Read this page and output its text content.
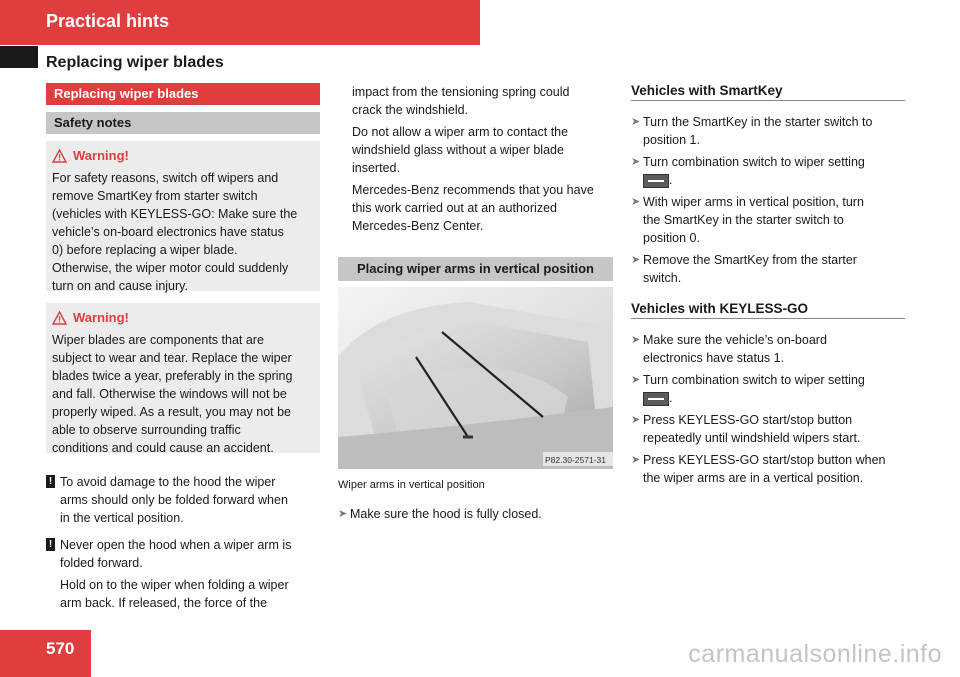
Practical hints
Replacing wiper blades
Replacing wiper blades
Safety notes
Warning!

For safety reasons, switch off wipers and

remove SmartKey from starter switch

(vehicles with KEYLESS-GO: Make sure the

vehicle’s on-board electronics have status

0) before replacing a wiper blade.

Otherwise, the wiper motor could suddenly

turn on and cause injury.

Warning!

Wiper blades are components that are

subject to wear and tear. Replace the wiper

blades twice a year, preferably in the spring

and fall. Otherwise the windows will not be

properly wiped. As a result, you may not be

able to observe surrounding traffic

conditions and could cause an accident.

! To avoid damage to the hood the wiper

arms should only be folded forward when

in the vertical position.

! Never open the hood when a wiper arm is

folded forward.

Hold on to the wiper when folding a wiper

arm back. If released, the force of the

impact from the tensioning spring could

crack the windshield.

Do not allow a wiper arm to contact the

windshield glass without a wiper blade

inserted.

Mercedes-Benz recommends that you have

this work carried out at an authorized

Mercedes-Benz Center.

Placing wiper arms in vertical position
P82.30-2571-31
Wiper arms in vertical position
➤ Make sure the hood is fully closed.
Vehicles with SmartKey
➤ Turn the SmartKey in the starter switch to

position 1.

➤ Turn combination switch to wiper setting

.

➤ With wiper arms in vertical position, turn

the SmartKey in the starter switch to

position 0.

➤ Remove the SmartKey from the starter

switch.

Vehicles with KEYLESS-GO
➤ Make sure the vehicle’s on-board

electronics have status 1.

➤ Turn combination switch to wiper setting

.

➤ Press KEYLESS-GO start/stop button

repeatedly until windshield wipers start.

➤ Press KEYLESS-GO start/stop button when

the wiper arms are in a vertical position.

570	carmanualsonline.info
